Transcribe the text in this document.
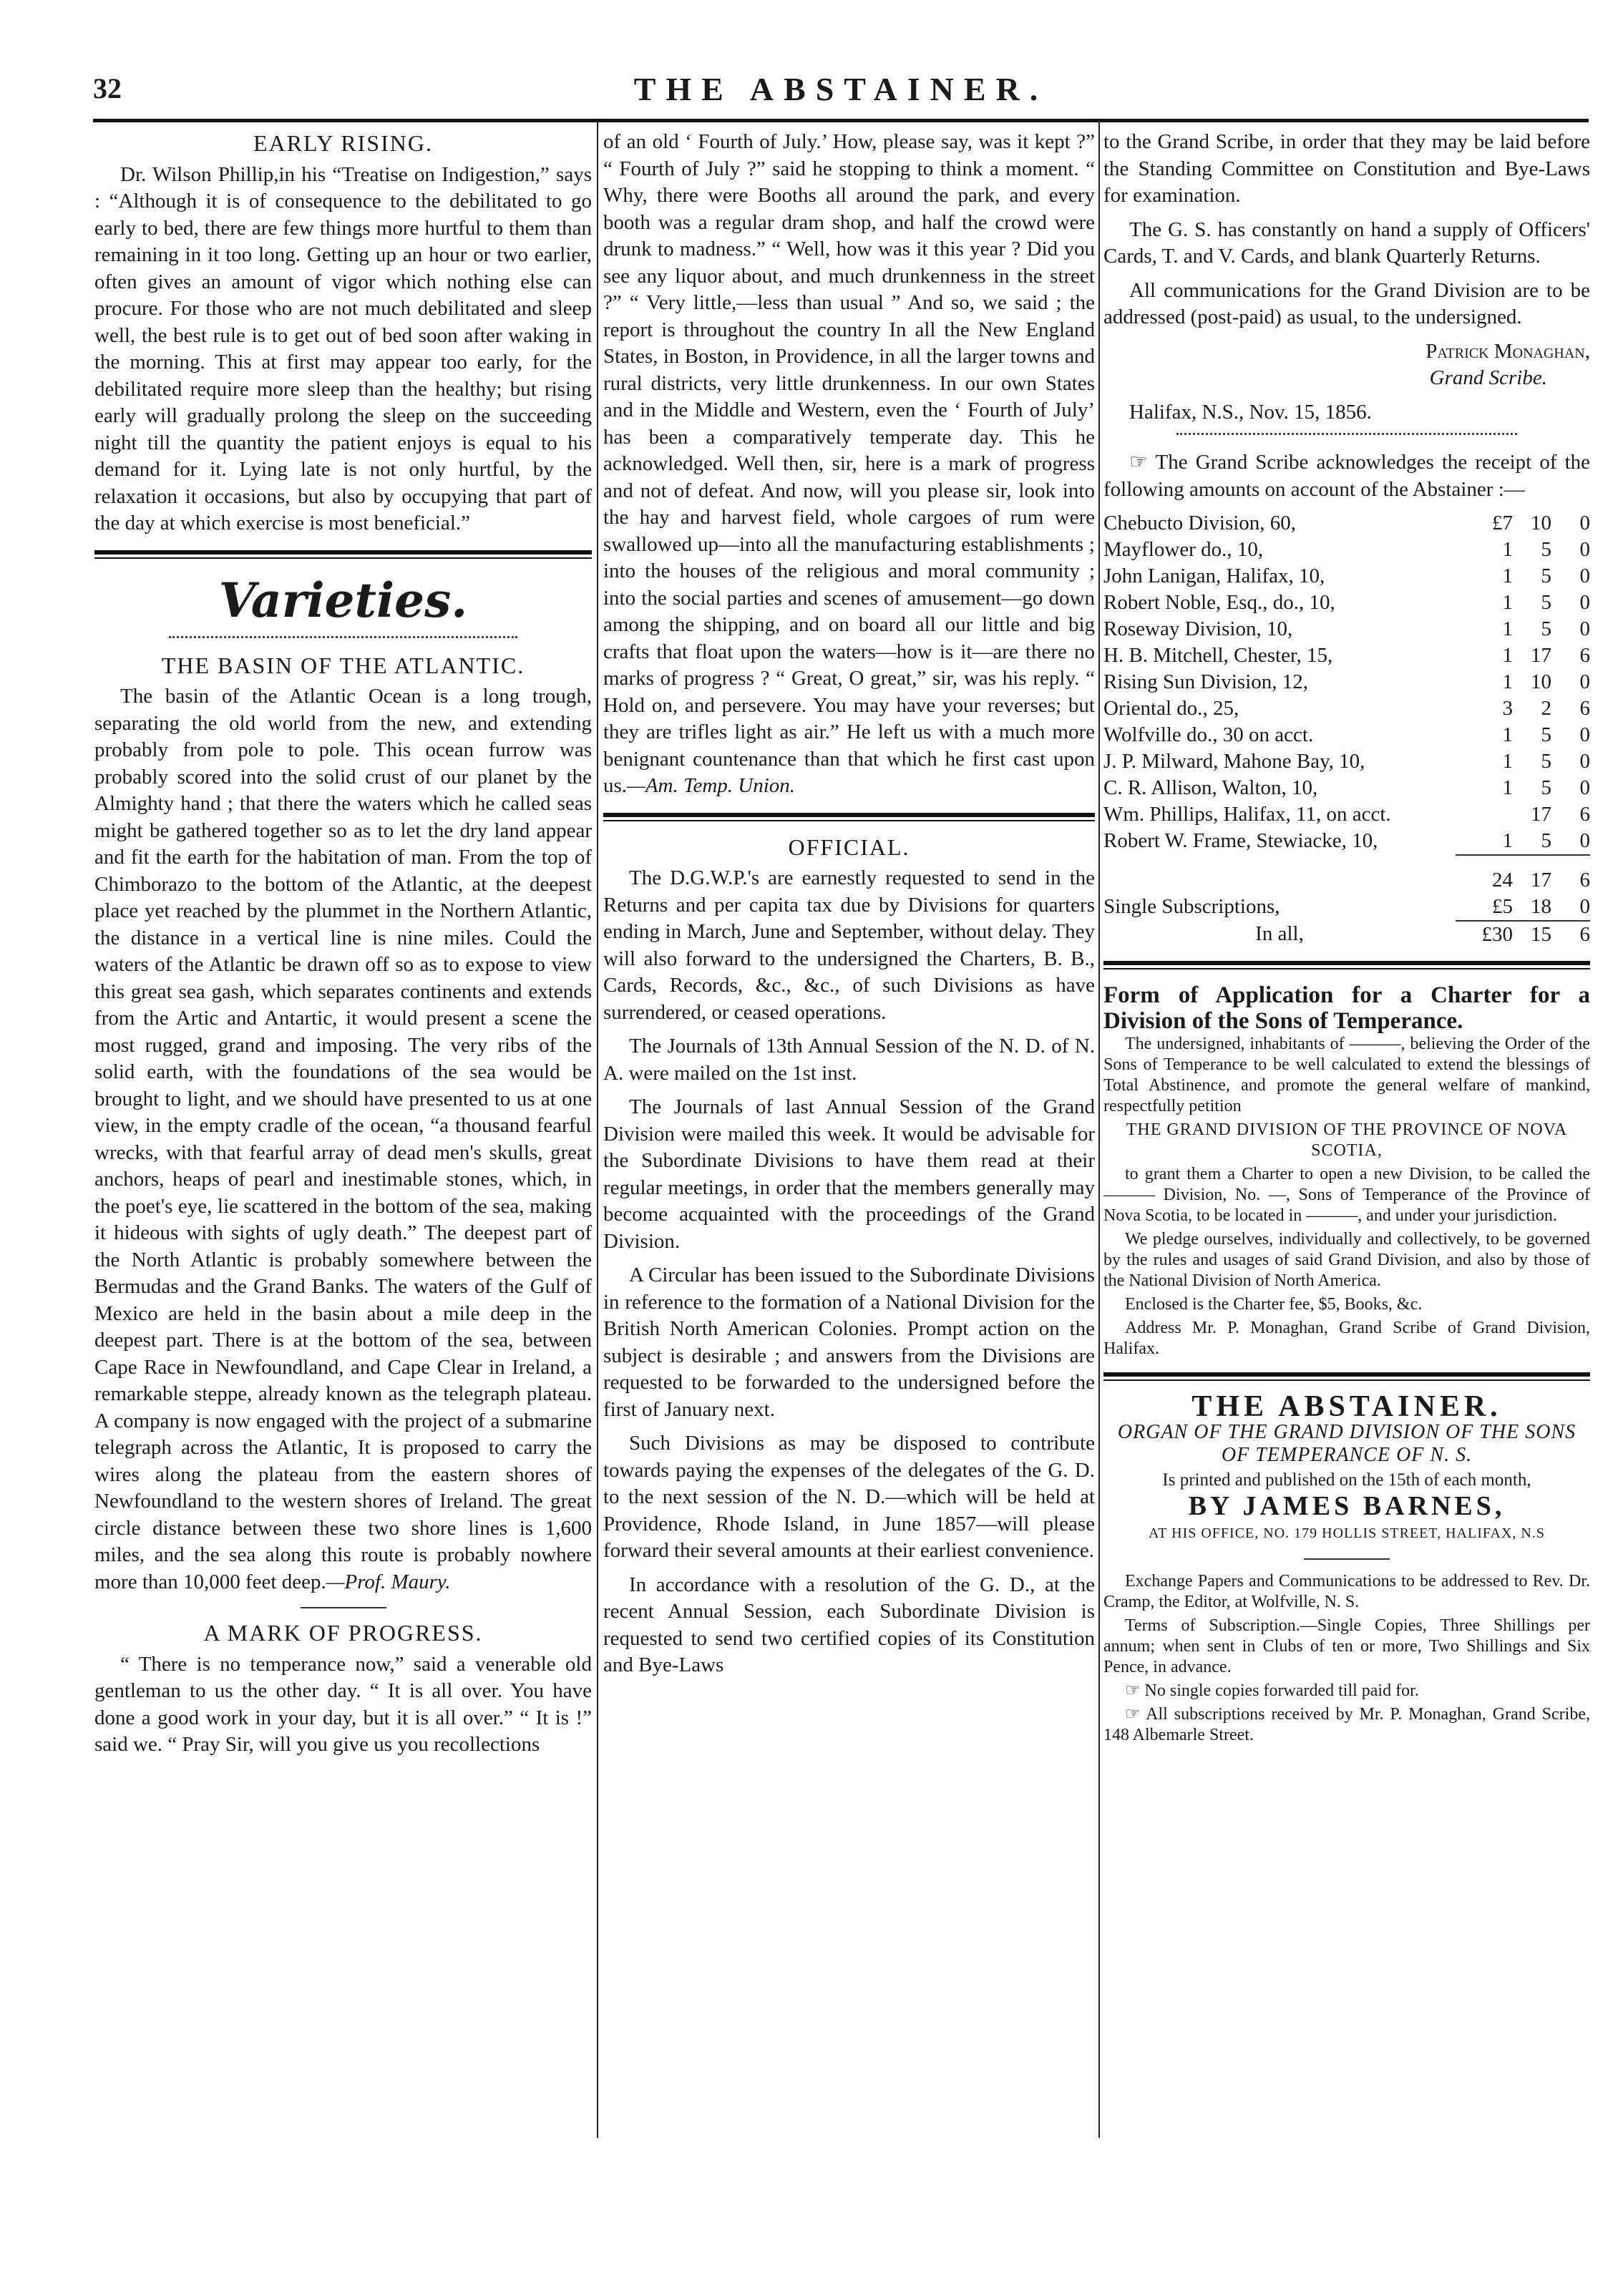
32	THE ABSTAINER.
EARLY RISING.

Dr. Wilson Phillip,in his “Treatise on Indigestion,” says : “Although it is of consequence to the debilitated to go early to bed, there are few things more hurtful to them than remaining in it too long. Getting up an hour or two earlier, often gives an amount of vigor which nothing else can procure. For those who are not much debilitated and sleep well, the best rule is to get out of bed soon after waking in the morning. This at first may appear too early, for the debilitated require more sleep than the healthy; but rising early will gradually prolong the sleep on the succeeding night till the quantity the patient enjoys is equal to his demand for it. Lying late is not only hurtful, by the relaxation it occasions, but also by occupying that part of the day at which exercise is most beneficial.”

Varieties.
THE BASIN OF THE ATLANTIC.

The basin of the Atlantic Ocean is a long trough, separating the old world from the new, and extending probably from pole to pole. This ocean furrow was probably scored into the solid crust of our planet by the Almighty hand ; that there the waters which he called seas might be gathered together so as to let the dry land appear and fit the earth for the habitation of man. From the top of Chimborazo to the bottom of the Atlantic, at the deepest place yet reached by the plummet in the Northern Atlantic, the distance in a vertical line is nine miles. Could the waters of the Atlantic be drawn off so as to expose to view this great sea gash, which separates continents and extends from the Artic and Antartic, it would present a scene the most rugged, grand and imposing. The very ribs of the solid earth, with the foundations of the sea would be brought to light, and we should have presented to us at one view, in the empty cradle of the ocean, “a thousand fearful wrecks, with that fearful array of dead men's skulls, great anchors, heaps of pearl and inestimable stones, which, in the poet's eye, lie scattered in the bottom of the sea, making it hideous with sights of ugly death.” The deepest part of the North Atlantic is probably somewhere between the Bermudas and the Grand Banks. The waters of the Gulf of Mexico are held in the basin about a mile deep in the deepest part. There is at the bottom of the sea, between Cape Race in Newfoundland, and Cape Clear in Ireland, a remarkable steppe, already known as the telegraph plateau. A company is now engaged with the project of a submarine telegraph across the Atlantic, It is proposed to carry the wires along the plateau from the eastern shores of Newfoundland to the western shores of Ireland. The great circle distance between these two shore lines is 1,600 miles, and the sea along this route is probably nowhere more than 10,000 feet deep.—Prof. Maury.

A MARK OF PROGRESS.

“ There is no temperance now,” said a venerable old gentleman to us the other day. “ It is all over. You have done a good work in your day, but it is all over.” “ It is !” said we. “ Pray Sir, will you give us you recollections

of an old ‘ Fourth of July.’ How, please say, was it kept ?” “ Fourth of July ?” said he stopping to think a moment. “ Why, there were Booths all around the park, and every booth was a regular dram shop, and half the crowd were drunk to madness.” “ Well, how was it this year ? Did you see any liquor about, and much drunkenness in the street ?” “ Very little,—less than usual ” And so, we said ; the report is throughout the country In all the New England States, in Boston, in Providence, in all the larger towns and rural districts, very little drunkenness. In our own States and in the Middle and Western, even the ‘ Fourth of July’ has been a comparatively temperate day. This he acknowledged. Well then, sir, here is a mark of progress and not of defeat. And now, will you please sir, look into the hay and harvest field, whole cargoes of rum were swallowed up—into all the manufacturing establishments ; into the houses of the religious and moral community ; into the social parties and scenes of amusement—go down among the shipping, and on board all our little and big crafts that float upon the waters—how is it—are there no marks of progress ? “ Great, O great,” sir, was his reply. “ Hold on, and persevere. You may have your reverses; but they are trifles light as air.” He left us with a much more benignant countenance than that which he first cast upon us.—Am. Temp. Union.

OFFICIAL.

The D.G.W.P.'s are earnestly requested to send in the Returns and per capita tax due by Divisions for quarters ending in March, June and September, without delay. They will also forward to the undersigned the Charters, B. B., Cards, Records, &c., &c., of such Divisions as have surrendered, or ceased operations.

The Journals of 13th Annual Session of the N. D. of N. A. were mailed on the 1st inst.

The Journals of last Annual Session of the Grand Division were mailed this week. It would be advisable for the Subordinate Divisions to have them read at their regular meetings, in order that the members generally may become acquainted with the proceedings of the Grand Division.

A Circular has been issued to the Subordinate Divisions in reference to the formation of a National Division for the British North American Colonies. Prompt action on the subject is desirable ; and answers from the Divisions are requested to be forwarded to the undersigned before the first of January next.

Such Divisions as may be disposed to contribute towards paying the expenses of the delegates of the G. D. to the next session of the N. D.—which will be held at Providence, Rhode Island, in June 1857—will please forward their several amounts at their earliest convenience.

In accordance with a resolution of the G. D., at the recent Annual Session, each Subordinate Division is requested to send two certified copies of its Constitution and Bye-Laws

to the Grand Scribe, in order that they may be laid before the Standing Committee on Constitution and Bye-Laws for examination.

The G. S. has constantly on hand a supply of Officers' Cards, T. and V. Cards, and blank Quarterly Returns.

All communications for the Grand Division are to be addressed (post-paid) as usual, to the undersigned.

Patrick Monaghan,
Grand Scribe.

Halifax, N.S., Nov. 15, 1856.

☞ The Grand Scribe acknowledges the receipt of the following amounts on account of the Abstainer :—

Chebucto Division, 60,	£7	10	0
Mayflower do., 10,	1	5	0
John Lanigan, Halifax, 10,	1	5	0
Robert Noble, Esq., do., 10,	1	5	0
Roseway Division, 10,	1	5	0
H. B. Mitchell, Chester, 15,	1	17	6
Rising Sun Division, 12,	1	10	0
Oriental do., 25,	3	2	6
Wolfville do., 30 on acct.	1	5	0
J. P. Milward, Mahone Bay, 10,	1	5	0
C. R. Allison, Walton, 10,	1	5	0
Wm. Phillips, Halifax, 11, on acct.		17	6
Robert W. Frame, Stewiacke, 10,	1	5	0
	24	17	6
Single Subscriptions,	£5	18	0
In all,	£30	15	6
Form of Application for a Charter for a Division of the Sons of Temperance.

The undersigned, inhabitants of ———, believing the Order of the Sons of Temperance to be well calculated to extend the blessings of Total Abstinence, and promote the general welfare of mankind, respectfully petition

THE GRAND DIVISION OF THE PROVINCE OF NOVA SCOTIA,

to grant them a Charter to open a new Division, to be called the ——— Division, No. —, Sons of Temperance of the Province of Nova Scotia, to be located in ———, and under your jurisdiction.

We pledge ourselves, individually and collectively, to be governed by the rules and usages of said Grand Division, and also by those of the National Division of North America.

Enclosed is the Charter fee, $5, Books, &c.

Address Mr. P. Monaghan, Grand Scribe of Grand Division, Halifax.

THE ABSTAINER.
ORGAN OF THE GRAND DIVISION OF THE SONS OF TEMPERANCE OF N. S.
Is printed and published on the 15th of each month,
BY JAMES BARNES,
AT HIS OFFICE, NO. 179 HOLLIS STREET, HALIFAX, N.S

Exchange Papers and Communications to be addressed to Rev. Dr. Cramp, the Editor, at Wolfville, N. S.

Terms of Subscription.—Single Copies, Three Shillings per annum; when sent in Clubs of ten or more, Two Shillings and Six Pence, in advance.

☞ No single copies forwarded till paid for.

☞ All subscriptions received by Mr. P. Monaghan, Grand Scribe, 148 Albemarle Street.
